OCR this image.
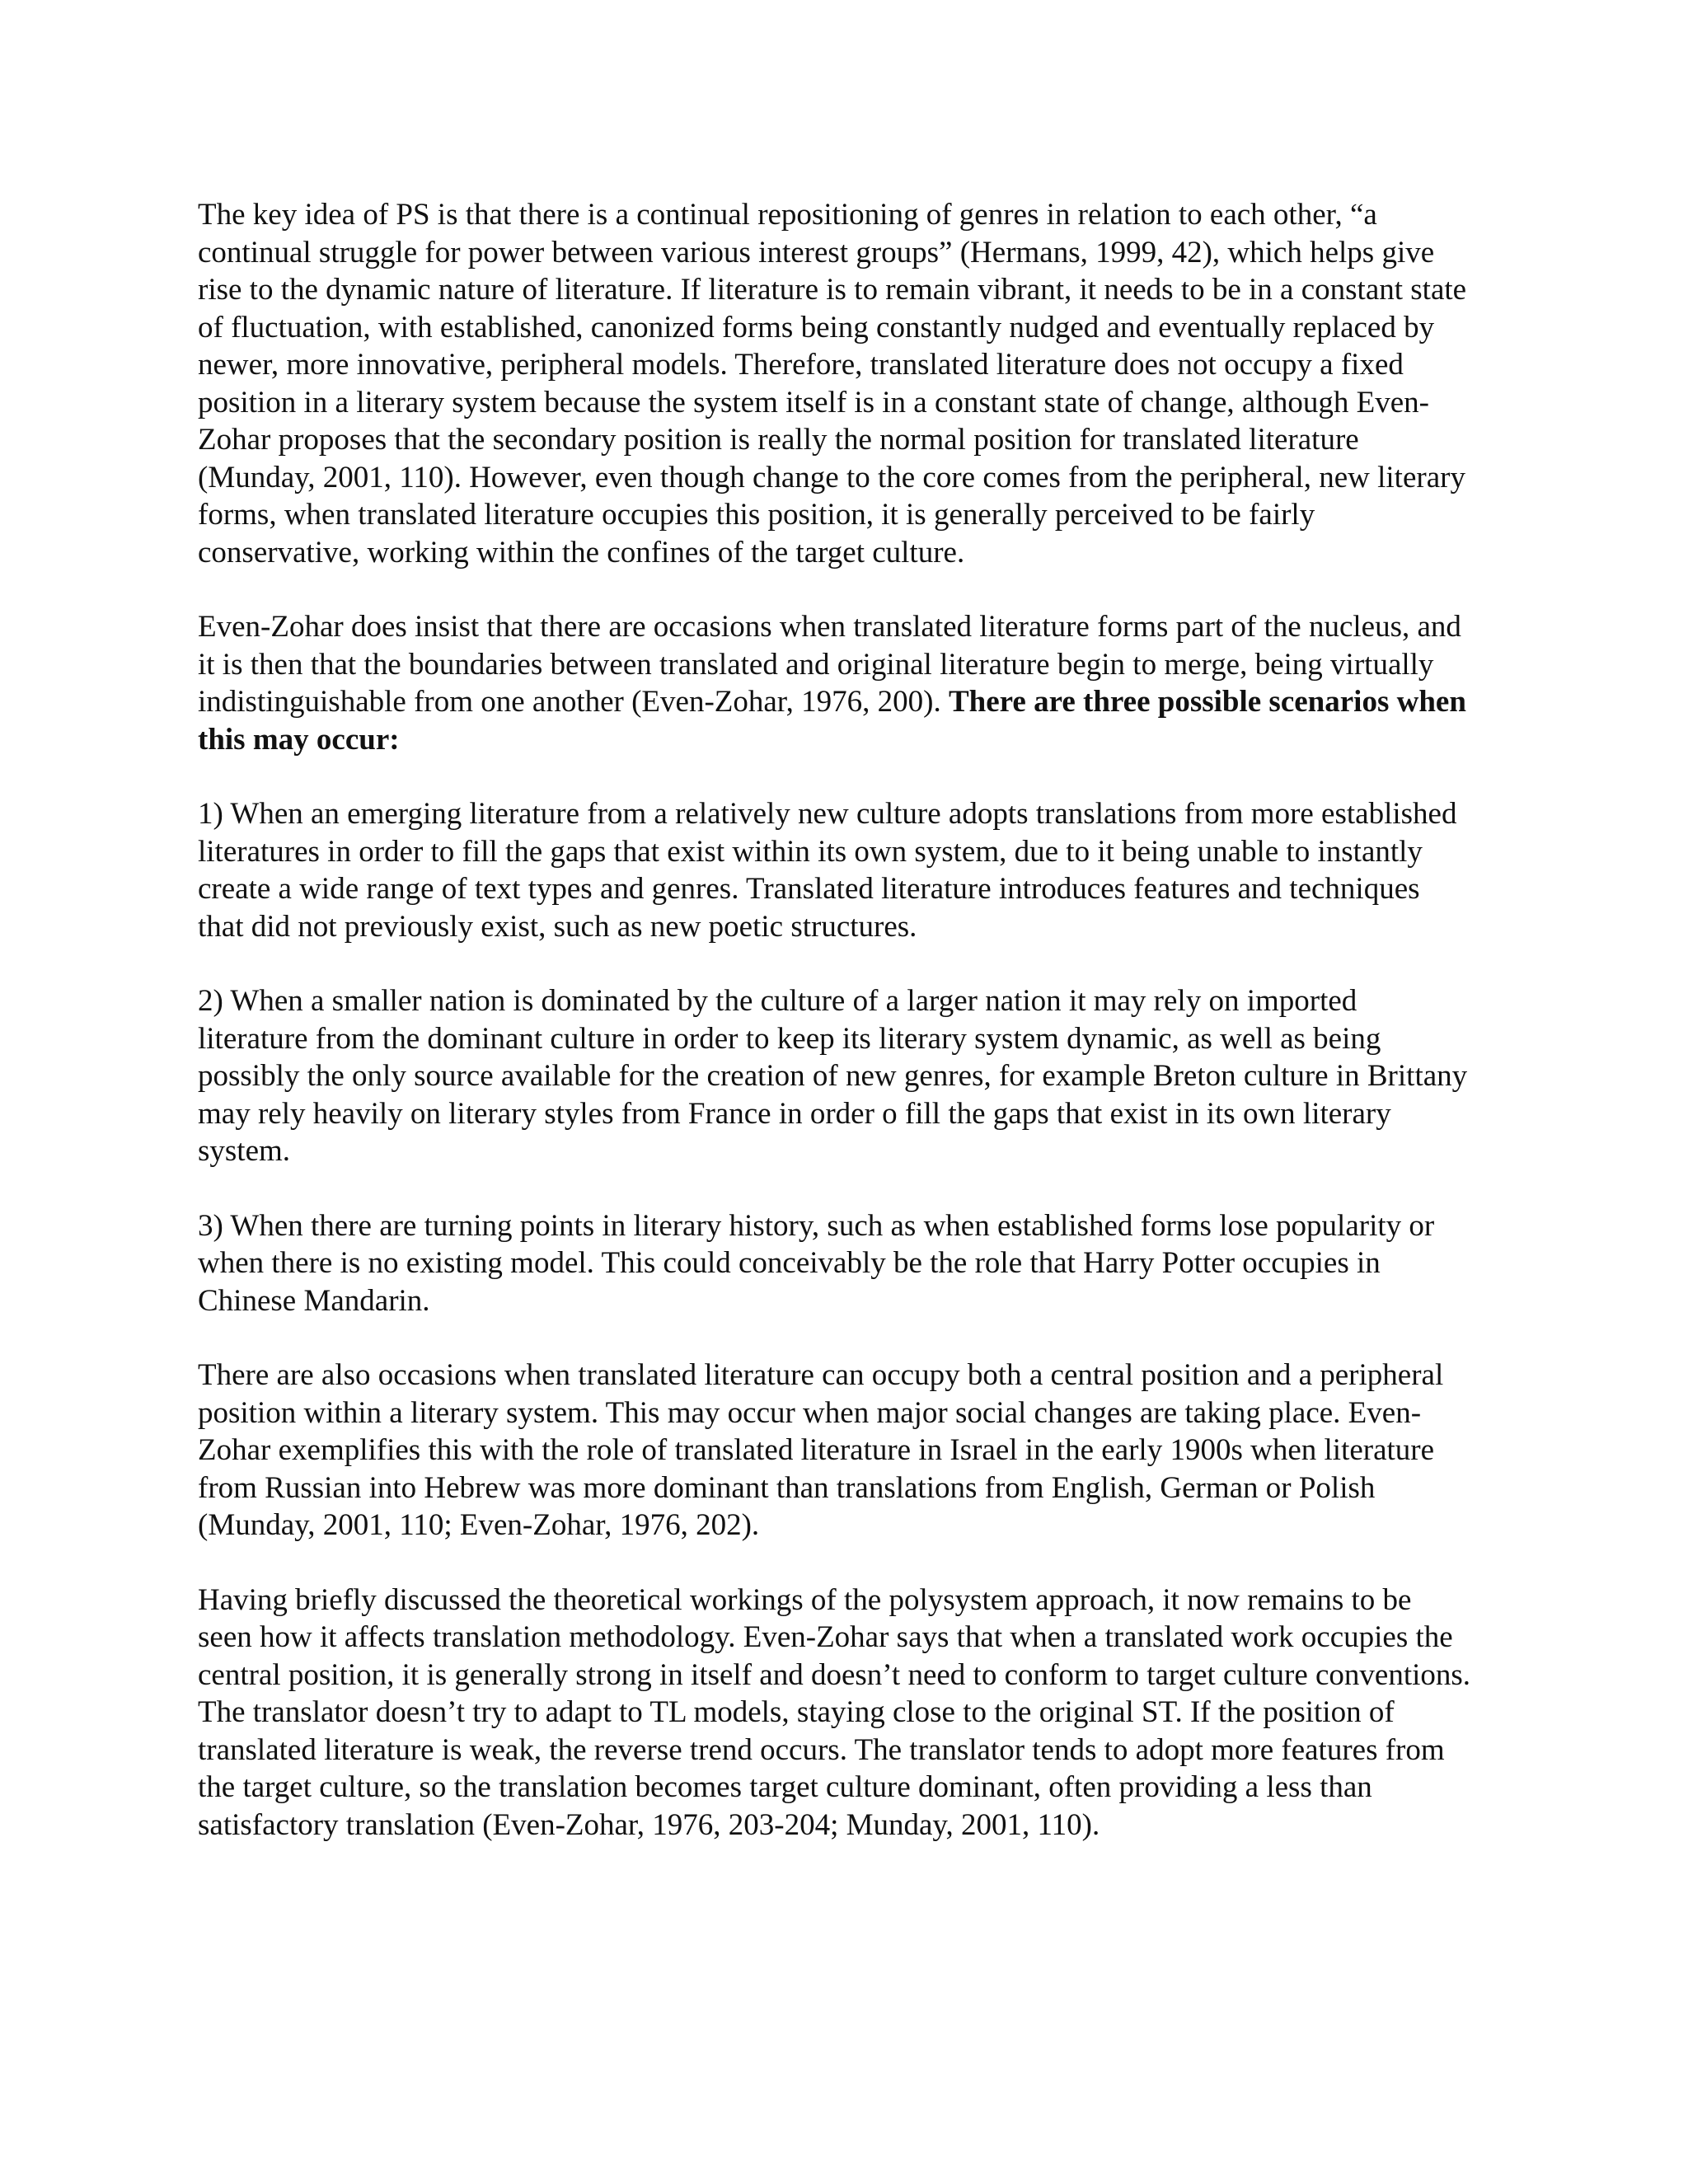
The key idea of PS is that there is a continual repositioning of genres in relation to each other, “a continual struggle for power between various interest groups” (Hermans, 1999, 42), which helps give rise to the dynamic nature of literature. If literature is to remain vibrant, it needs to be in a constant state of fluctuation, with established, canonized forms being constantly nudged and eventually replaced by newer, more innovative, peripheral models. Therefore, translated literature does not occupy a fixed position in a literary system because the system itself is in a constant state of change, although Even-Zohar proposes that the secondary position is really the normal position for translated literature (Munday, 2001, 110). However, even though change to the core comes from the peripheral, new literary forms, when translated literature occupies this position, it is generally perceived to be fairly conservative, working within the confines of the target culture.

Even-Zohar does insist that there are occasions when translated literature forms part of the nucleus, and it is then that the boundaries between translated and original literature begin to merge, being virtually indistinguishable from one another (Even-Zohar, 1976, 200). There are three possible scenarios when this may occur:

1) When an emerging literature from a relatively new culture adopts translations from more established literatures in order to fill the gaps that exist within its own system, due to it being unable to instantly create a wide range of text types and genres. Translated literature introduces features and techniques that did not previously exist, such as new poetic structures.

2) When a smaller nation is dominated by the culture of a larger nation it may rely on imported literature from the dominant culture in order to keep its literary system dynamic, as well as being possibly the only source available for the creation of new genres, for example Breton culture in Brittany may rely heavily on literary styles from France in order o fill the gaps that exist in its own literary system.

3) When there are turning points in literary history, such as when established forms lose popularity or when there is no existing model. This could conceivably be the role that Harry Potter occupies in Chinese Mandarin.

There are also occasions when translated literature can occupy both a central position and a peripheral position within a literary system. This may occur when major social changes are taking place. Even-Zohar exemplifies this with the role of translated literature in Israel in the early 1900s when literature from Russian into Hebrew was more dominant than translations from English, German or Polish (Munday, 2001, 110; Even-Zohar, 1976, 202).

Having briefly discussed the theoretical workings of the polysystem approach, it now remains to be seen how it affects translation methodology. Even-Zohar says that when a translated work occupies the central position, it is generally strong in itself and doesn’t need to conform to target culture conventions. The translator doesn’t try to adapt to TL models, staying close to the original ST. If the position of translated literature is weak, the reverse trend occurs. The translator tends to adopt more features from the target culture, so the translation becomes target culture dominant, often providing a less than satisfactory translation (Even-Zohar, 1976, 203-204; Munday, 2001, 110).
